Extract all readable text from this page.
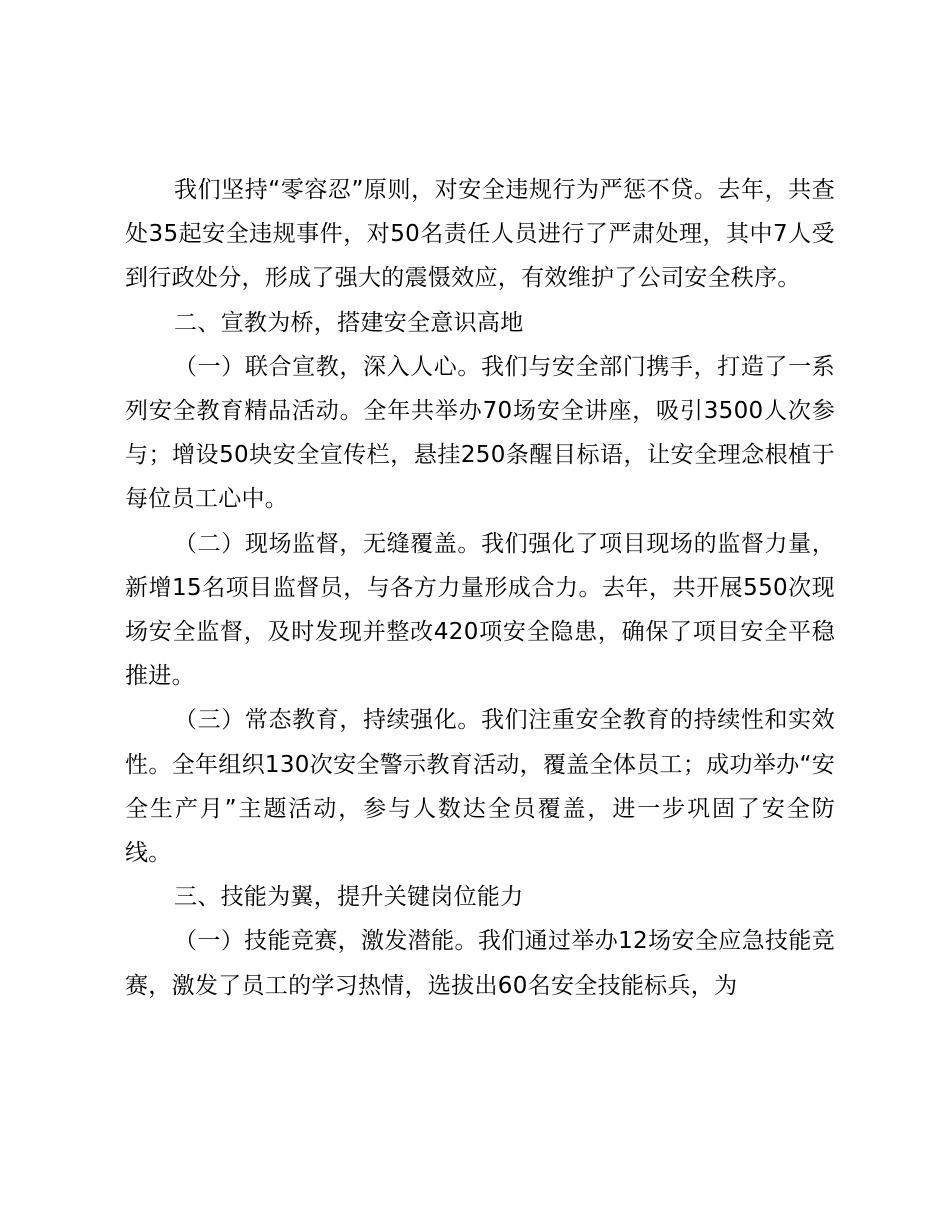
我们坚持“零容忍”原则，对安全违规行为严惩不贷。去年，共查处35起安全违规事件，对50名责任人员进行了严肃处理，其中7人受到行政处分，形成了强大的震慑效应，有效维护了公司安全秩序。

二、宣教为桥，搭建安全意识高地

（一）联合宣教，深入人心。我们与安全部门携手，打造了一系列安全教育精品活动。全年共举办70场安全讲座，吸引3500人次参与；增设50块安全宣传栏，悬挂250条醒目标语，让安全理念根植于每位员工心中。

（二）现场监督，无缝覆盖。我们强化了项目现场的监督力量，新增15名项目监督员，与各方力量形成合力。去年，共开展550次现场安全监督，及时发现并整改420项安全隐患，确保了项目安全平稳推进。

（三）常态教育，持续强化。我们注重安全教育的持续性和实效性。全年组织130次安全警示教育活动，覆盖全体员工；成功举办“安全生产月”主题活动，参与人数达全员覆盖，进一步巩固了安全防线。

三、技能为翼，提升关键岗位能力

（一）技能竞赛，激发潜能。我们通过举办12场安全应急技能竞赛，激发了员工的学习热情，选拔出60名安全技能标兵，为
